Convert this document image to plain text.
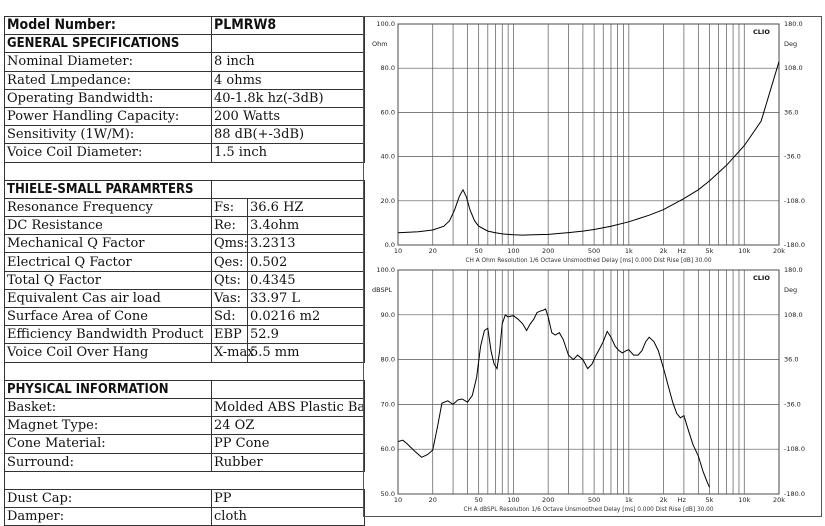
Model Number:	PLMRW8	
GENERAL SPECIFICATIONS		
Nominal Diameter:	8 inch	
Rated Lmpedance:	4 ohms	
Operating Bandwidth:	40-1.8k hz(-3dB)	
Power Handling Capacity:	200 Watts	
Sensitivity (1W/M):	88 dB(+-3dB)	
Voice Coil Diameter:	1.5 inch	

THIELE-SMALL PARAMRTERS		
Resonance Frequency	Fs:	36.6 HZ
DC Resistance	Re:	3.4ohm
Mechanical Q Factor	Qms:	3.2313
Electrical Q Factor	Qes:	0.502
Total Q Factor	Qts:	0.4345
Equivalent Cas air load	Vas:	33.97 L
Surface Area of Cone	Sd:	0.0216 m2
Efficiency Bandwidth Product	EBP	52.9
Voice Coil Over Hang	X-max	5.5 mm

PHYSICAL INFORMATION		
Basket:	Molded ABS Plastic Ba	
Magnet Type:	24 OZ	
Cone Material:	PP Cone	
Surround:	Rubber	

Dust Cap:	PP	
Damper:	cloth	
0.0
20.0
40.0
60.0
80.0
100.0	180.0
108.0
36.0
-36.0
-108.0
-180.0
Ohm	Deg
CLIO
10	20	50	100	200	500	1k	2k	5k	10k	20k
Hz
CH A Ohm Resolution 1/6 Octave Unsmoothed Delay [ms] 0.000 Dist Rise [dB] 30.00
50.0
60.0
70.0
80.0
90.0
100.0	180.0
108.0
36.0
-36.0
-108.0
-180.0
dBSPL	Deg
CLIO
10	20	50	100	200	500	1k	2k	5k	10k	20k
Hz
CH A dBSPL Resolution 1/6 Octave Unsmoothed Delay [ms] 0.000 Dist Rise [dB] 30.00
